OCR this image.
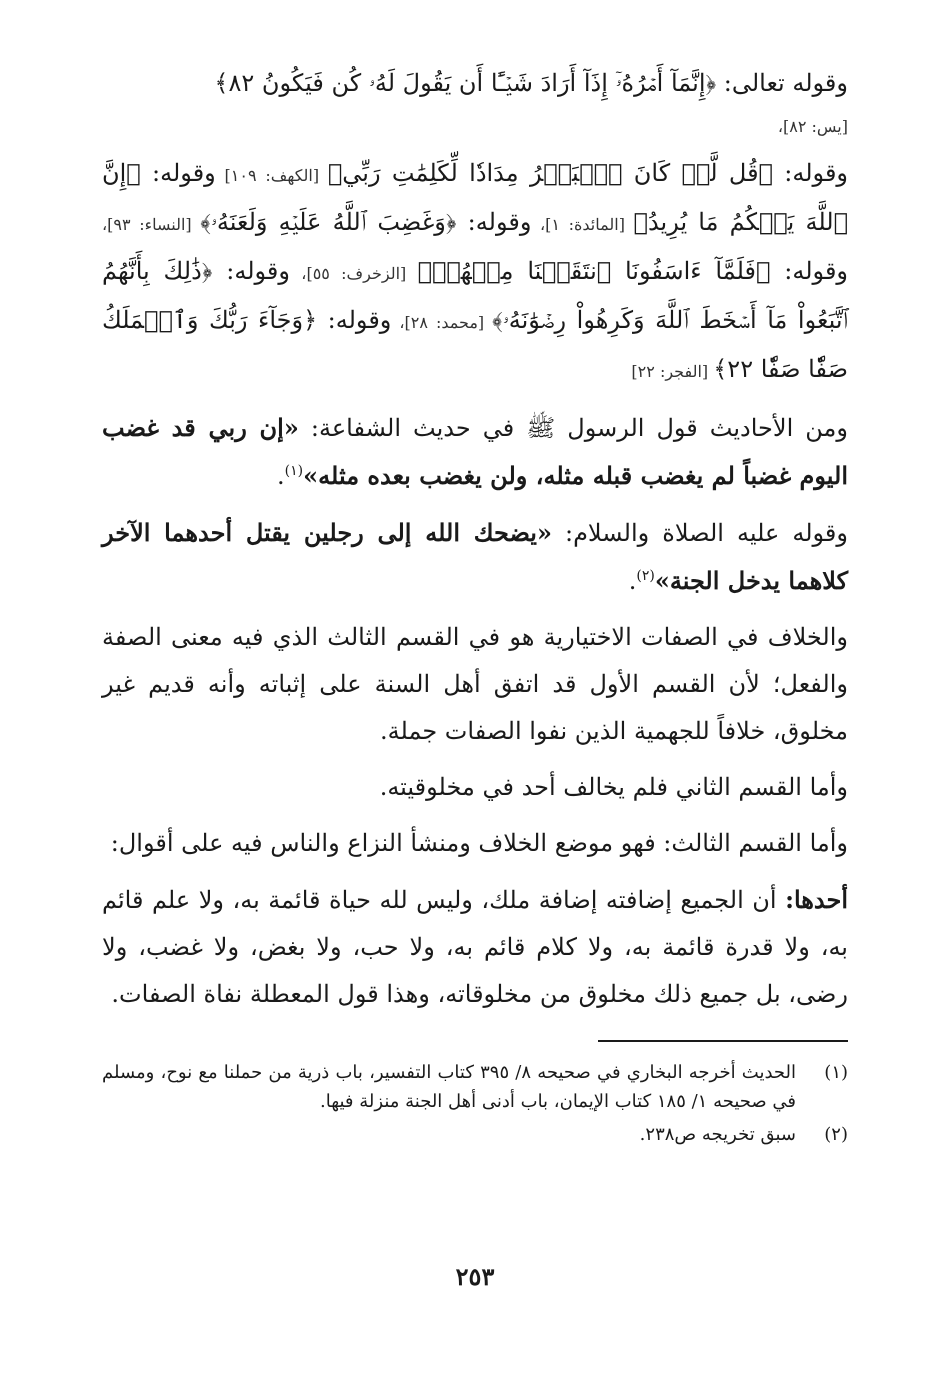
وقوله تعالى: ﴿إِنَّمَآ أَمۡرُهُۥٓ إِذَآ أَرَادَ شَيۡـًٔا أَن يَقُولَ لَهُۥ كُن فَيَكُونُ ٨٢﴾

[يس: ٨٢]،

وقوله: ﴿قُل لَّوۡ كَانَ ٱلۡبَحۡرُ مِدَادٗا لِّكَلِمَٰتِ رَبِّي﴾ [الكهف: ١٠٩] وقوله: ﴿إِنَّ ٱللَّهَ يَحۡكُمُ مَا يُرِيدُ﴾ [المائدة: ١]، وقوله: ﴿وَغَضِبَ ٱللَّهُ عَلَيۡهِ وَلَعَنَهُۥ﴾ [النساء: ٩٣]، وقوله: ﴿فَلَمَّآ ءَاسَفُونَا ٱنتَقَمۡنَا مِنۡهُمۡ﴾ [الزخرف: ٥٥]، وقوله: ﴿ذَٰلِكَ بِأَنَّهُمُ ٱتَّبَعُواْ مَآ أَسۡخَطَ ٱللَّهَ وَكَرِهُواْ رِضۡوَٰنَهُۥ﴾ [محمد: ٢٨]، وقوله: ﴿وَجَآءَ رَبُّكَ وَٱلۡمَلَكُ صَفّٗا صَفّٗا ٢٢﴾ [الفجر: ٢٢]

ومن الأحاديث قول الرسول ﷺ في حديث الشفاعة: «إن ربي قد غضب اليوم غضباً لم يغضب قبله مثله، ولن يغضب بعده مثله»$^{(١)}$.

وقوله عليه الصلاة والسلام: «يضحك الله إلى رجلين يقتل أحدهما الآخر كلاهما يدخل الجنة»$^{(٢)}$.

والخلاف في الصفات الاختيارية هو في القسم الثالث الذي فيه معنى الصفة والفعل؛ لأن القسم الأول قد اتفق أهل السنة على إثباته وأنه قديم غير مخلوق، خلافاً للجهمية الذين نفوا الصفات جملة.

وأما القسم الثاني فلم يخالف أحد في مخلوقيته.

وأما القسم الثالث: فهو موضع الخلاف ومنشأ النزاع والناس فيه على أقوال:

أحدها: أن الجميع إضافته إضافة ملك، وليس لله حياة قائمة به، ولا علم قائم به، ولا قدرة قائمة به، ولا كلام قائم به، ولا حب، ولا بغض، ولا غضب، ولا رضى، بل جميع ذلك مخلوق من مخلوقاته، وهذا قول المعطلة نفاة الصفات.

(١)الحديث أخرجه البخاري في صحيحه ٨/ ٣٩٥ كتاب التفسير، باب ذرية من حملنا مع نوح، ومسلم في صحيحه ١/ ١٨٥ كتاب الإيمان، باب أدنى أهل الجنة منزلة فيها.

(٢)سبق تخريجه ص٢٣٨.

٢٥٣
